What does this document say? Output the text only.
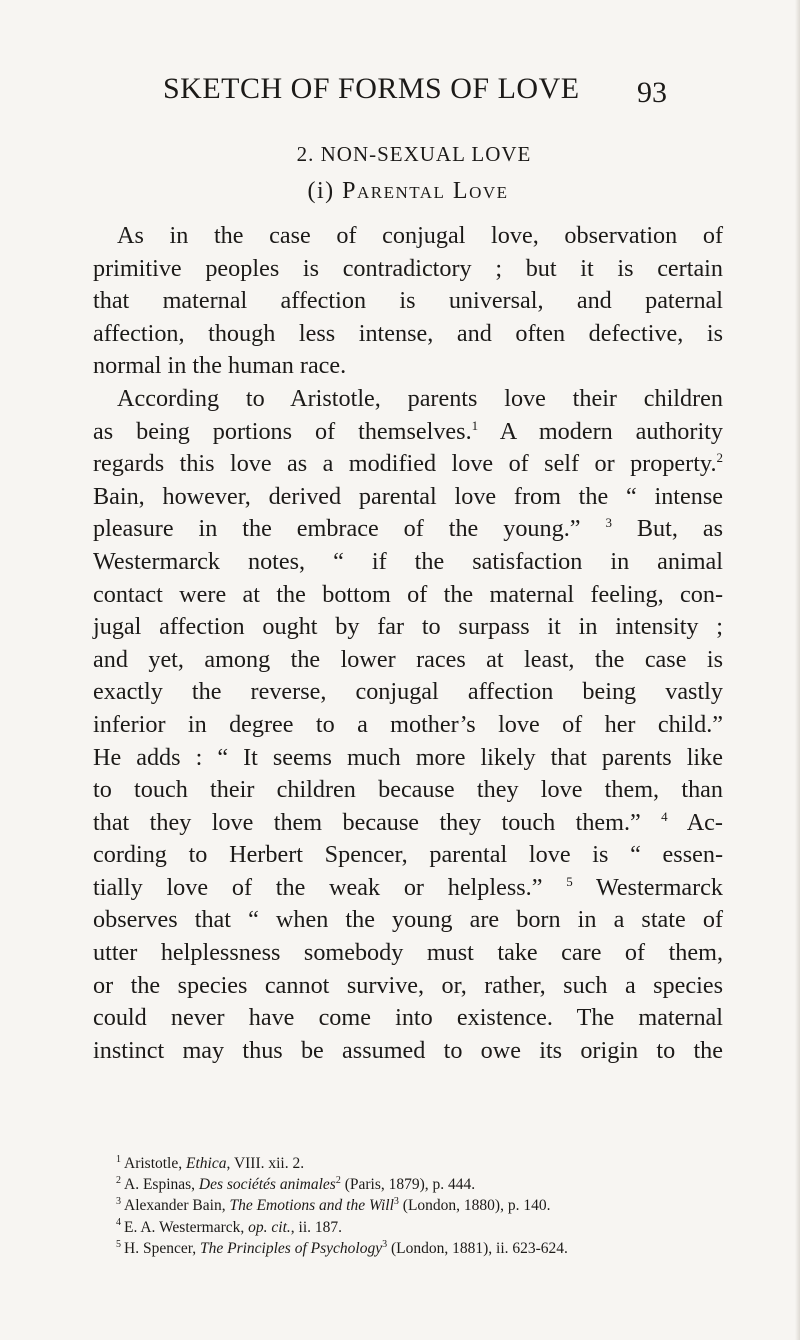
SKETCH OF FORMS OF LOVE 93
2. NON-SEXUAL LOVE
(i) Parental Love
As in the case of conjugal love, observation of
primitive peoples is contradictory ; but it is certain
that maternal affection is universal, and paternal
affection, though less intense, and often defective, is
normal in the human race.
According to Aristotle, parents love their children
as being portions of themselves.$^1$ A modern authority
regards this love as a modified love of self or property.$^2$
Bain, however, derived parental love from the “ intense
pleasure in the embrace of the young.” $^3$ But, as
Westermarck notes, “ if the satisfaction in animal
contact were at the bottom of the maternal feeling, con-
jugal affection ought by far to surpass it in intensity ;
and yet, among the lower races at least, the case is
exactly the reverse, conjugal affection being vastly
inferior in degree to a mother’s love of her child.”
He adds : “ It seems much more likely that parents like
to touch their children because they love them, than
that they love them because they touch them.” $^4$ Ac-
cording to Herbert Spencer, parental love is “ essen-
tially love of the weak or helpless.” $^5$ Westermarck
observes that “ when the young are born in a state of
utter helplessness somebody must take care of them,
or the species cannot survive, or, rather, such a species
could never have come into existence. The maternal
instinct may thus be assumed to owe its origin to the
$^1$ Aristotle, Ethica, VIII. xii. 2.
$^2$ A. Espinas, Des sociétés animales$^2$ (Paris, 1879), p. 444.
$^3$ Alexander Bain, The Emotions and the Will$^3$ (London, 1880), p. 140.
$^4$ E. A. Westermarck, op. cit., ii. 187.
$^5$ H. Spencer, The Principles of Psychology$^3$ (London, 1881), ii. 623-624.
